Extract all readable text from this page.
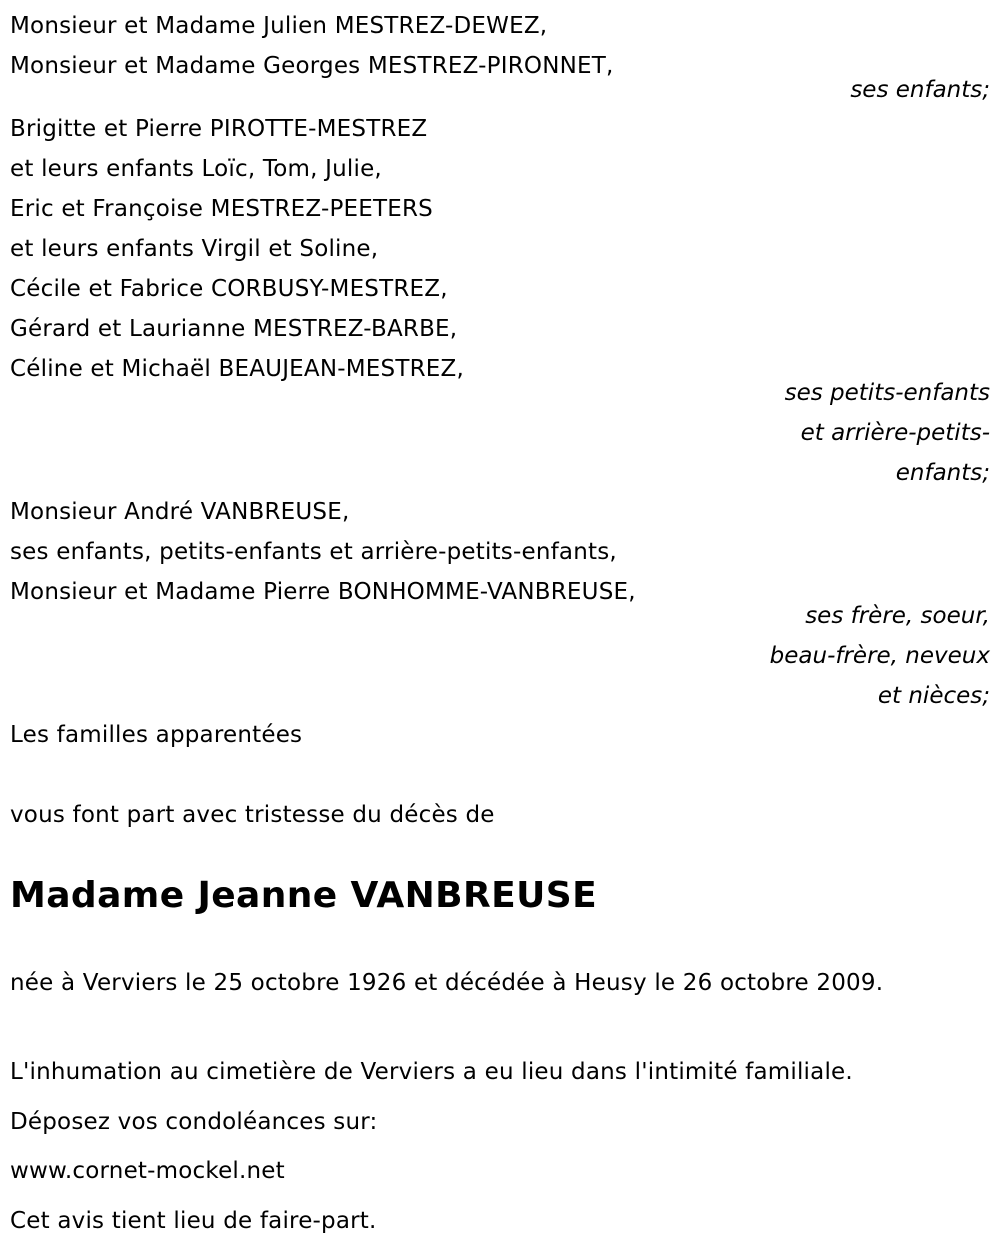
Monsieur et Madame Julien MESTREZ-DEWEZ,
Monsieur et Madame Georges MESTREZ-PIRONNET,
ses enfants;
Brigitte et Pierre PIROTTE-MESTREZ
et leurs enfants Loïc, Tom, Julie,
Eric et Françoise MESTREZ-PEETERS
et leurs enfants Virgil et Soline,
Cécile et Fabrice CORBUSY-MESTREZ,
Gérard et Laurianne MESTREZ-BARBE,
Céline et Michaël BEAUJEAN-MESTREZ,
ses petits-enfants
et arrière-petits-
enfants;
Monsieur André VANBREUSE,
ses enfants, petits-enfants et arrière-petits-enfants,
Monsieur et Madame Pierre BONHOMME-VANBREUSE,
ses frère, soeur,
beau-frère, neveux
et nièces;
Les familles apparentées
vous font part avec tristesse du décès de
Madame Jeanne VANBREUSE
née à Verviers le 25 octobre 1926 et décédée à Heusy le 26 octobre 2009.
L'inhumation au cimetière de Verviers a eu lieu dans l'intimité familiale.
Déposez vos condoléances sur:
www.cornet-mockel.net
Cet avis tient lieu de faire-part.
